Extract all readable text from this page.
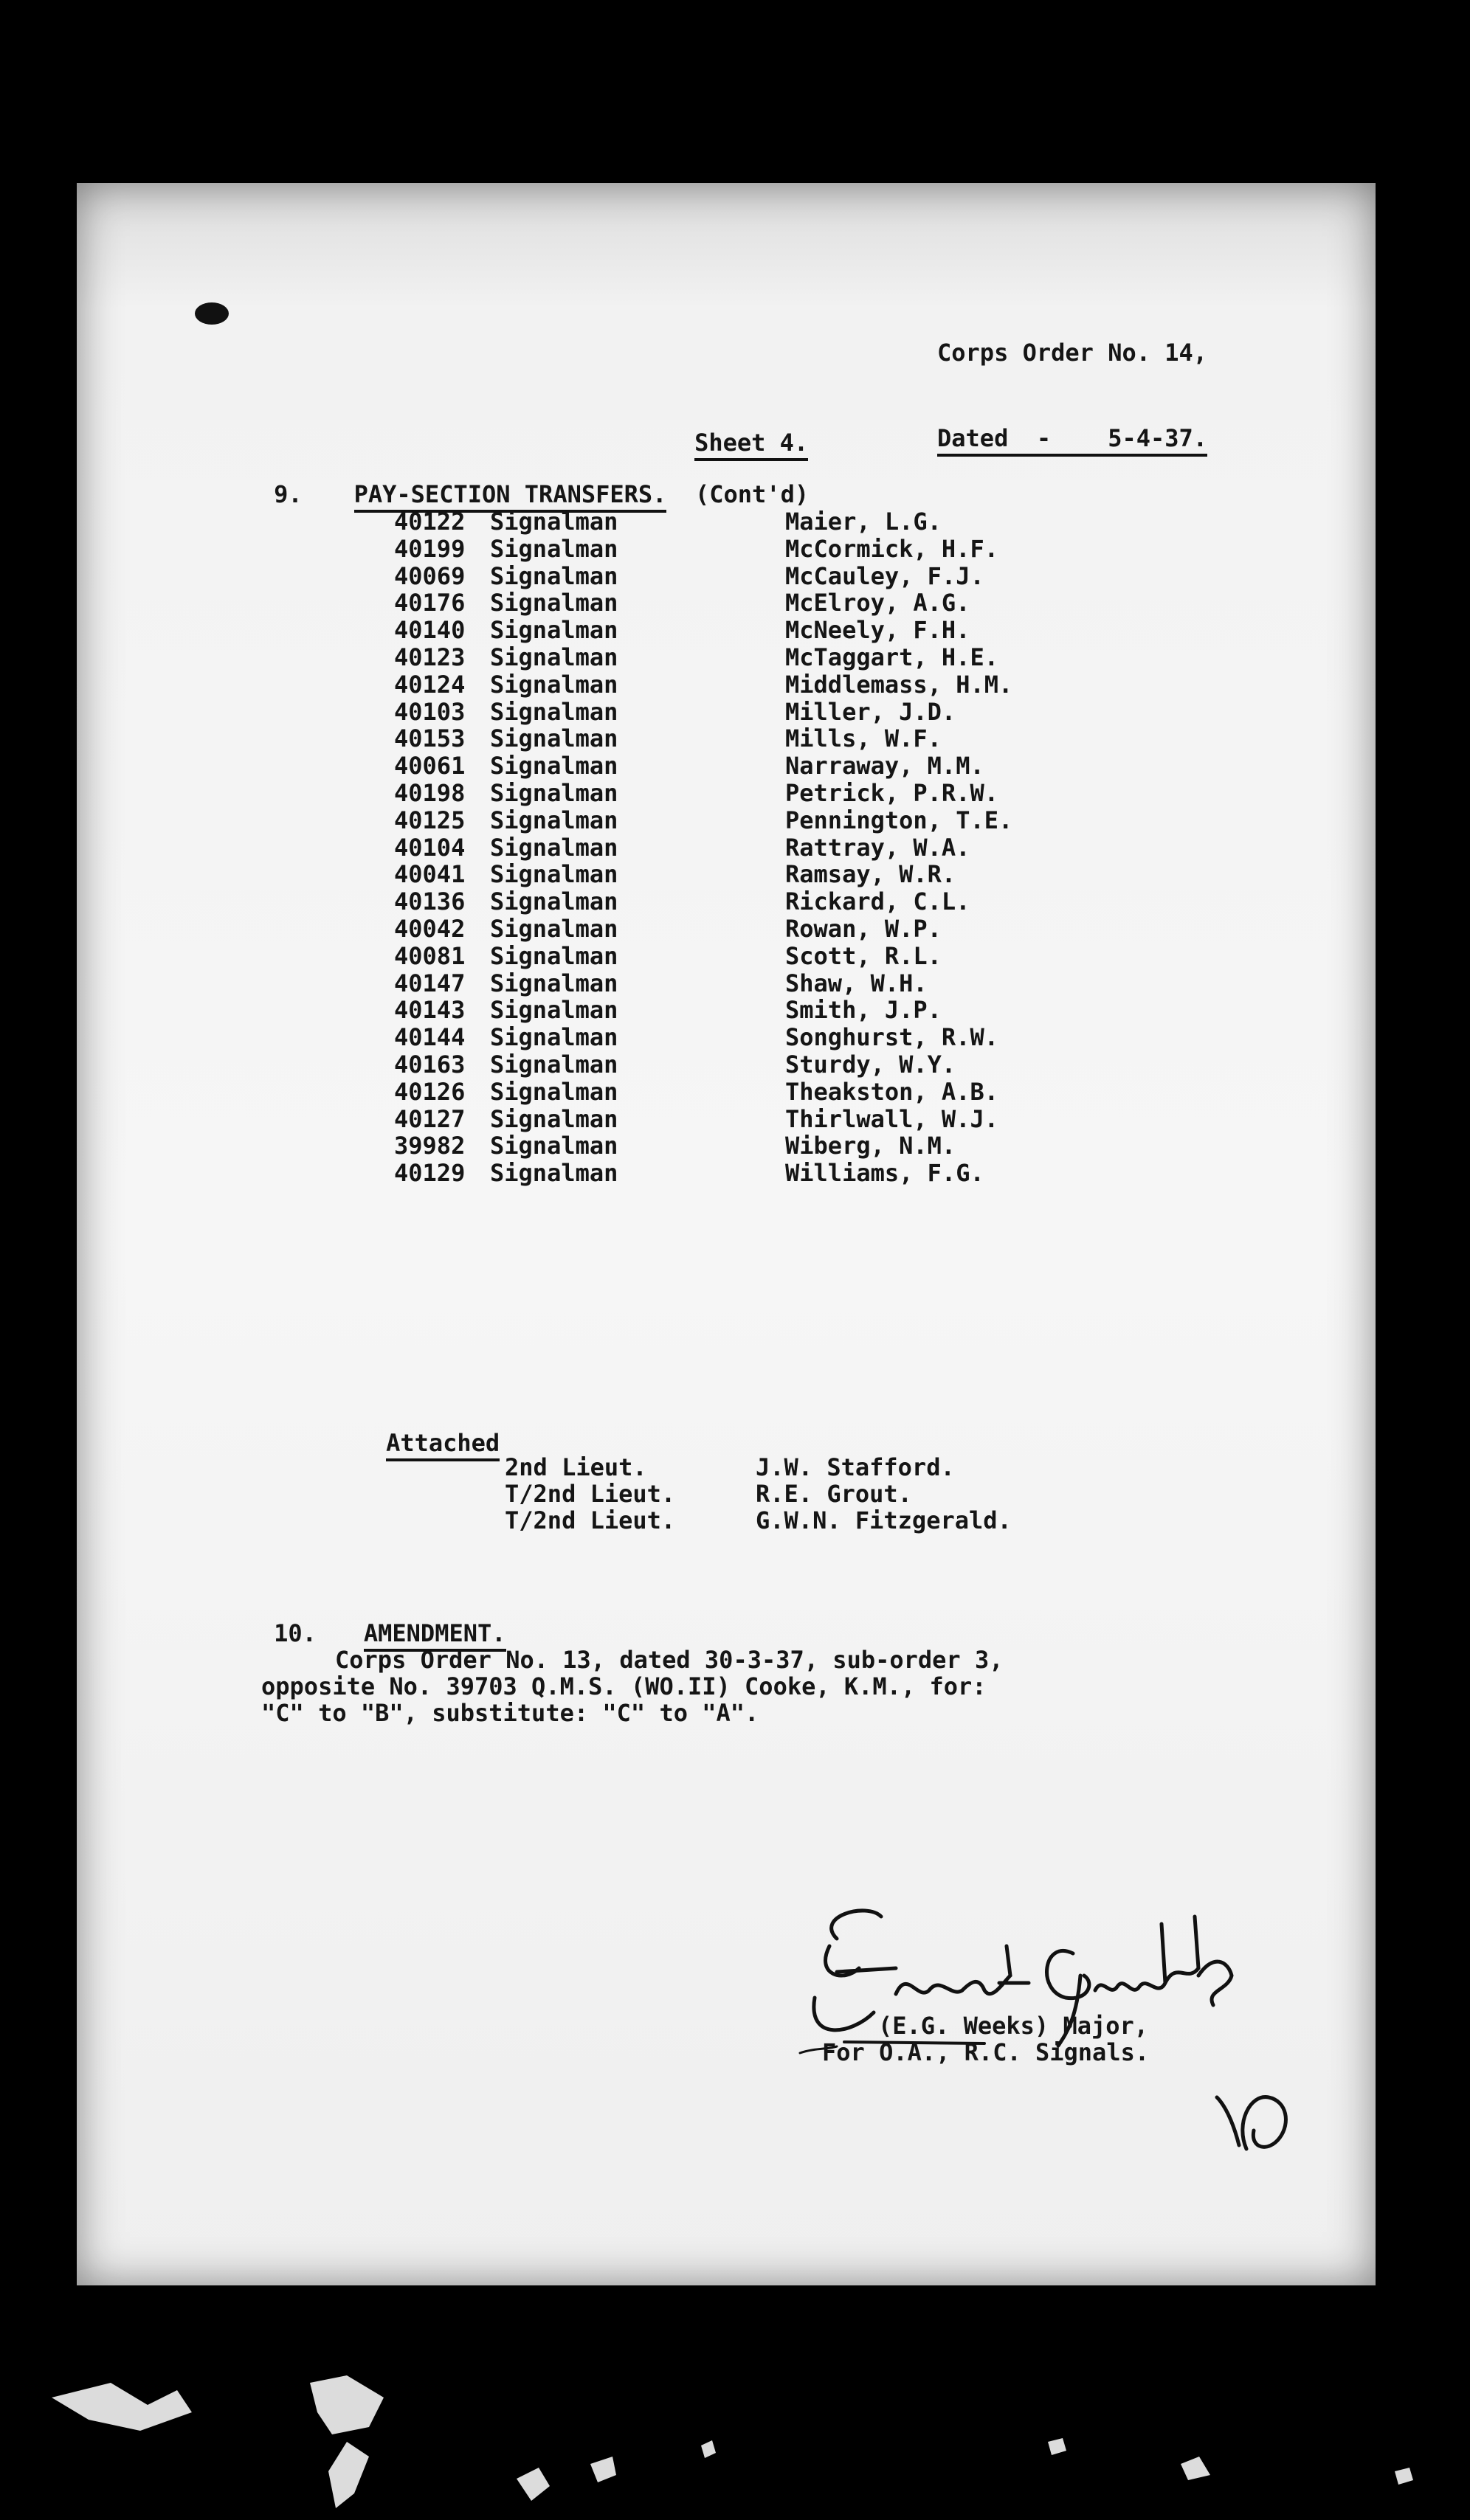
Corps Order No. 14,

Dated  -    5-4-37.

Sheet 4.

9. PAY-SECTION TRANSFERS. (Cont'd)

40122 Signalman	Maier, L.G.
40199 Signalman	McCormick, H.F.
40069 Signalman	McCauley, F.J.
40176 Signalman	McElroy, A.G.
40140 Signalman	McNeely, F.H.
40123 Signalman	McTaggart, H.E.
40124 Signalman	Middlemass, H.M.
40103 Signalman	Miller, J.D.
40153 Signalman	Mills, W.F.
40061 Signalman	Narraway, M.M.
40198 Signalman	Petrick, P.R.W.
40125 Signalman	Pennington, T.E.
40104 Signalman	Rattray, W.A.
40041 Signalman	Ramsay, W.R.
40136 Signalman	Rickard, C.L.
40042 Signalman	Rowan, W.P.
40081 Signalman	Scott, R.L.
40147 Signalman	Shaw, W.H.
40143 Signalman	Smith, J.P.
40144 Signalman	Songhurst, R.W.
40163 Signalman	Sturdy, W.Y.
40126 Signalman	Theakston, A.B.
40127 Signalman	Thirlwall, W.J.
39982 Signalman	Wiberg, N.M.
40129 Signalman	Williams, F.G.

Attached

2nd Lieut.	J.W. Stafford.
T/2nd Lieut.	R.E. Grout.
T/2nd Lieut.	G.W.N. Fitzgerald.

10. AMENDMENT.

Corps Order No. 13, dated 30-3-37, sub-order 3,
opposite No. 39703 Q.M.S. (WO.II) Cooke, K.M., for:
"C" to "B", substitute: "C" to "A".
(E.G. Weeks) Major,
For O.A., R.C. Signals.
